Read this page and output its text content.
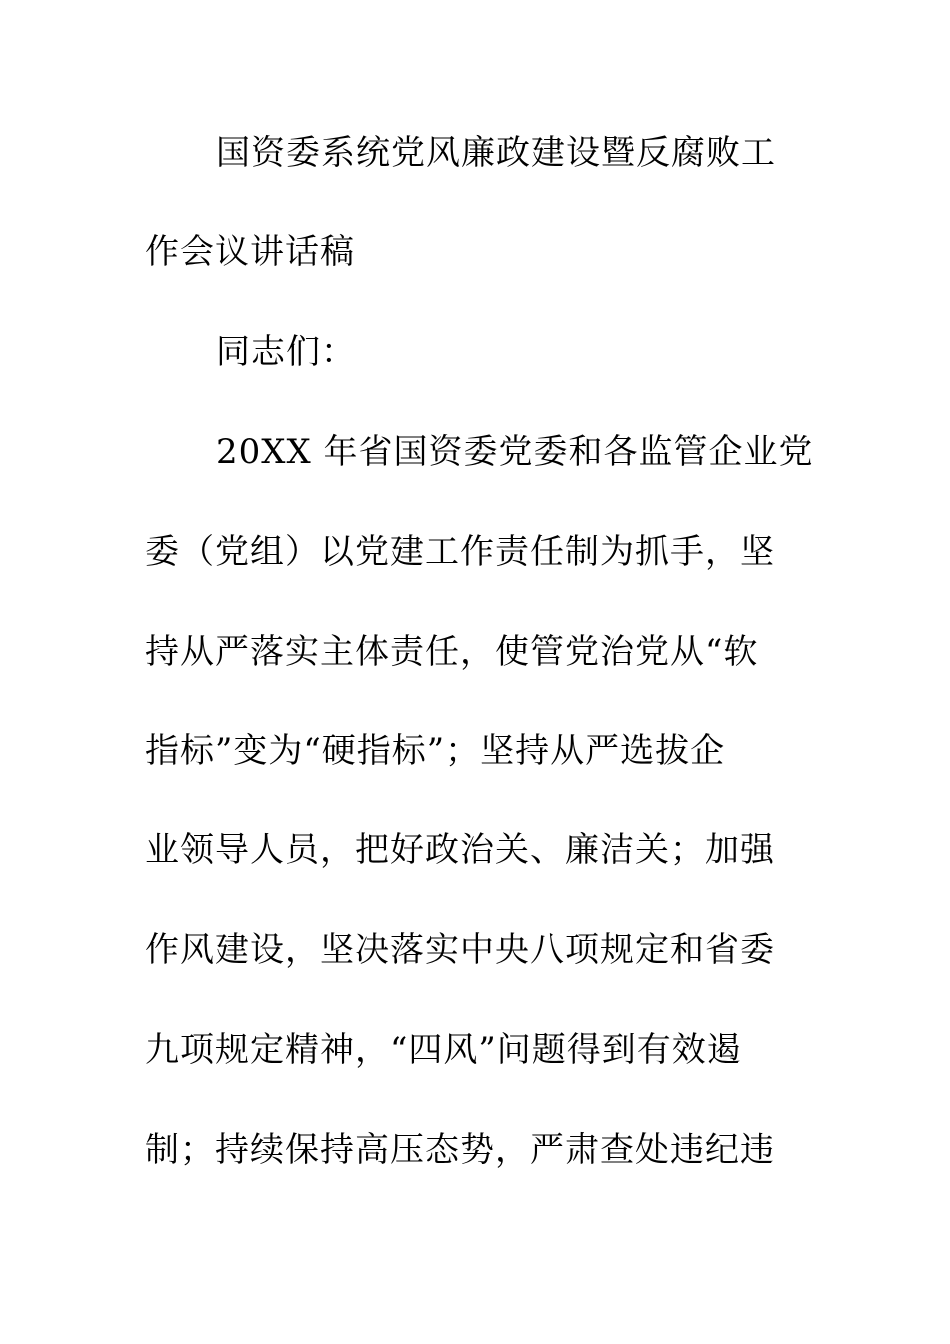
国资委系统党风廉政建设暨反腐败工

作会议讲话稿

同志们：

20XX 年省国资委党委和各监管企业党

委（党组）以党建工作责任制为抓手，坚

持从严落实主体责任，使管党治党从“软

指标”变为“硬指标”；坚持从严选拔企

业领导人员，把好政治关、廉洁关；加强

作风建设，坚决落实中央八项规定和省委

九项规定精神，“四风”问题得到有效遏

制；持续保持高压态势，严肃查处违纪违
